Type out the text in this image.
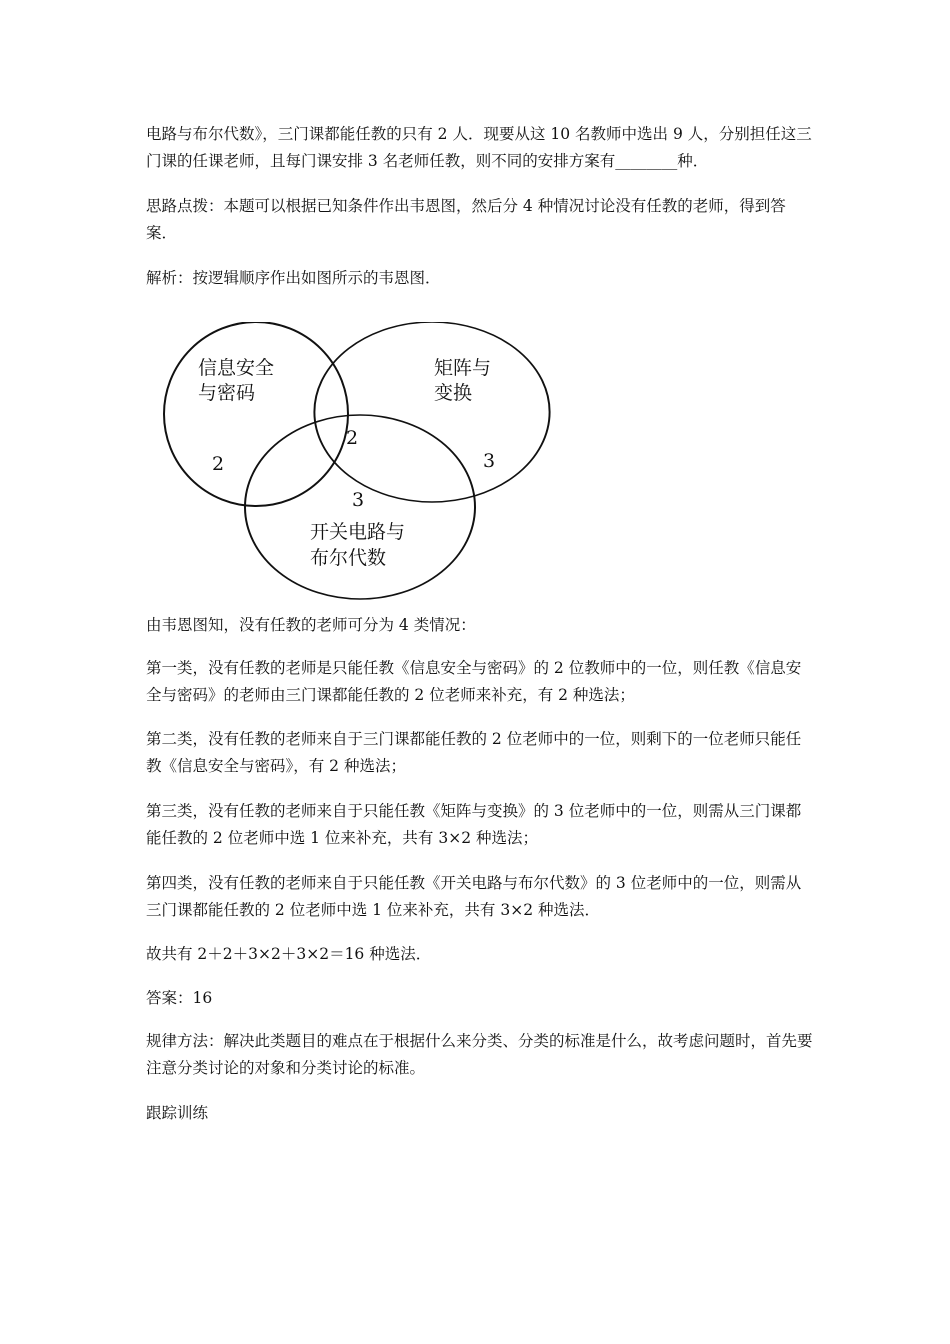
电路与布尔代数》，三门课都能任教的只有 2 人．现要从这 10 名教师中选出 9 人，分别担任这三门课的任课老师，且每门课安排 3 名老师任教，则不同的安排方案有________种．

思路点拨：本题可以根据已知条件作出韦恩图，然后分 4 种情况讨论没有任教的老师，得到答案．

解析：按逻辑顺序作出如图所示的韦恩图．

信息安全
与密码
矩阵与
变换
开关电路与
布尔代数
2
2	3
3

由韦恩图知，没有任教的老师可分为 4 类情况：

第一类，没有任教的老师是只能任教《信息安全与密码》的 2 位教师中的一位，则任教《信息安全与密码》的老师由三门课都能任教的 2 位老师来补充，有 2 种选法；

第二类，没有任教的老师来自于三门课都能任教的 2 位老师中的一位，则剩下的一位老师只能任教《信息安全与密码》，有 2 种选法；

第三类，没有任教的老师来自于只能任教《矩阵与变换》的 3 位老师中的一位，则需从三门课都能任教的 2 位老师中选 1 位来补充，共有 3×2 种选法；

第四类，没有任教的老师来自于只能任教《开关电路与布尔代数》的 3 位老师中的一位，则需从三门课都能任教的 2 位老师中选 1 位来补充，共有 3×2 种选法．

故共有 2＋2＋3×2＋3×2＝16 种选法．

答案：16

规律方法：解决此类题目的难点在于根据什么来分类、分类的标准是什么，故考虑问题时，首先要注意分类讨论的对象和分类讨论的标准。

跟踪训练
